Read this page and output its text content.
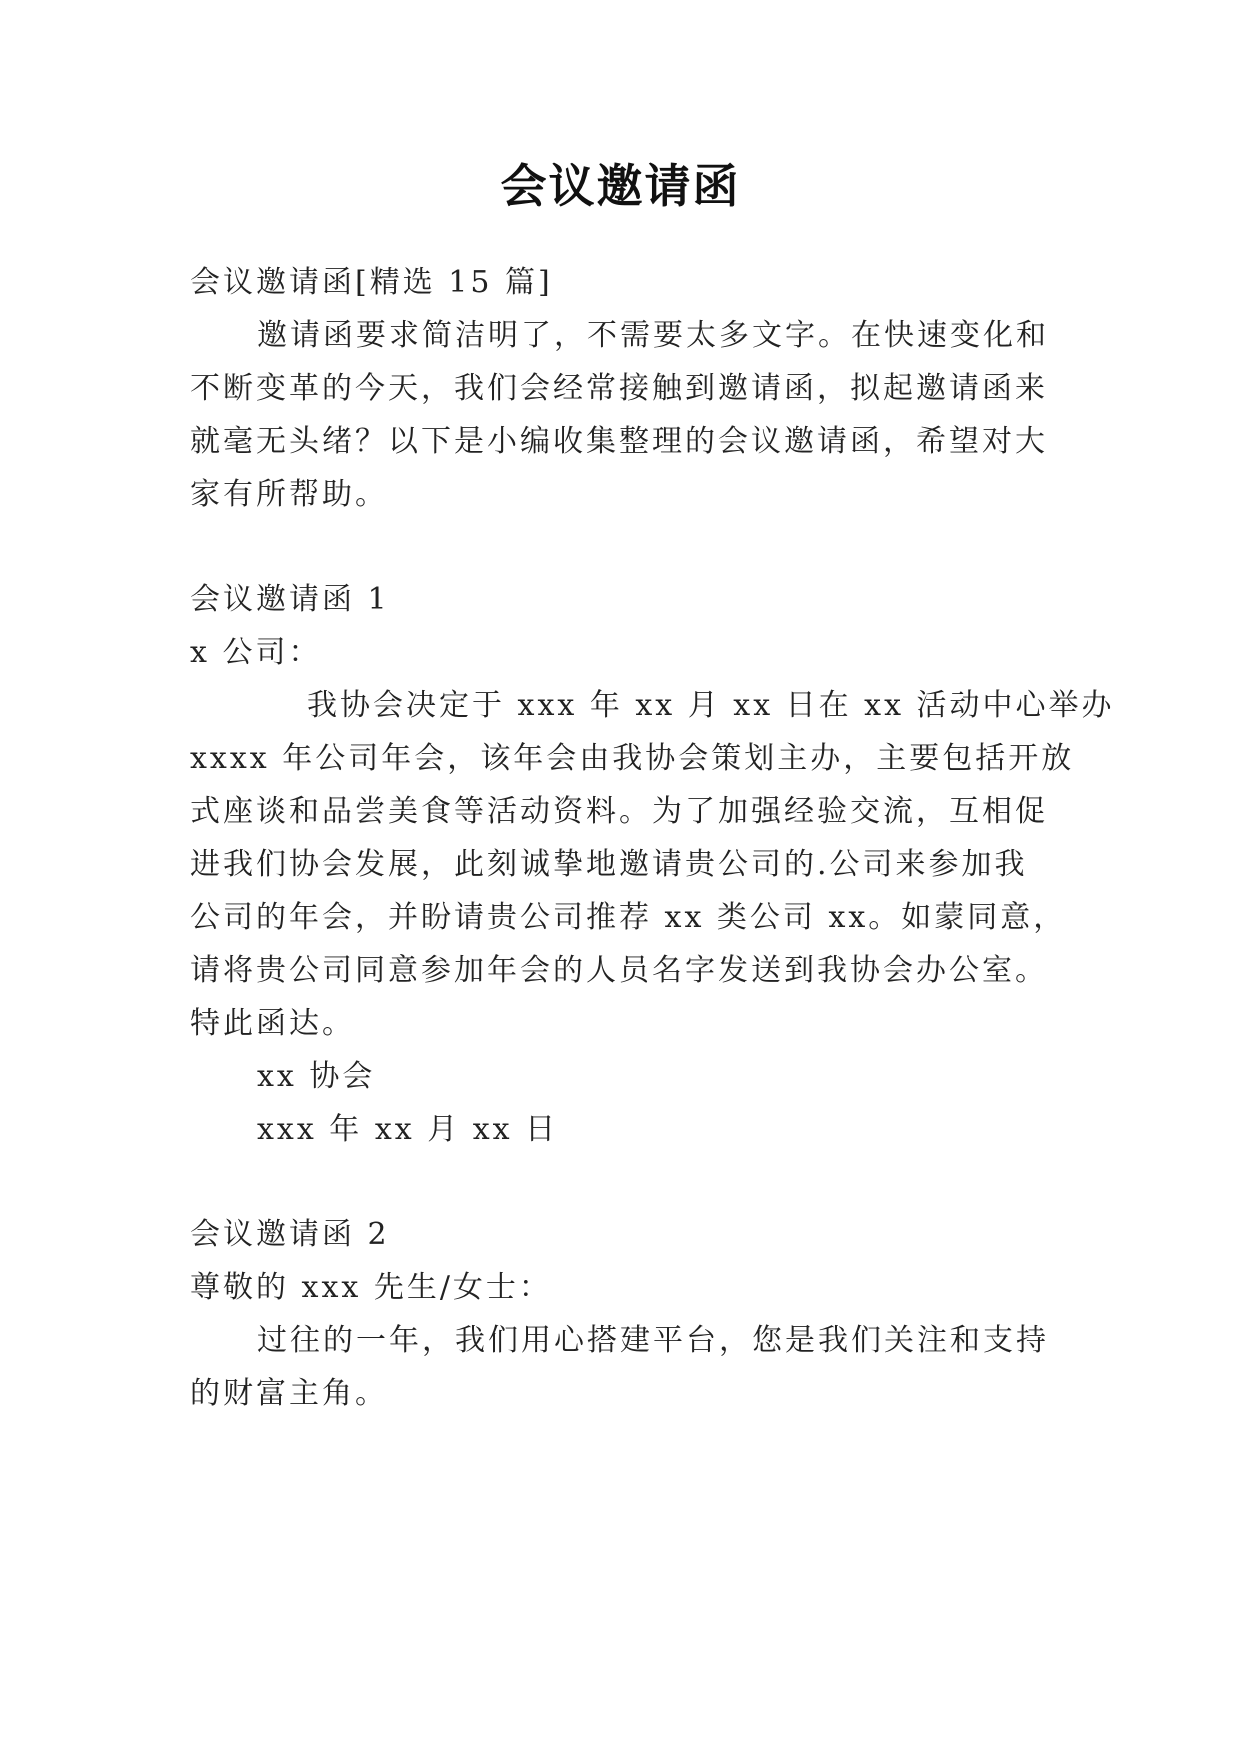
会议邀请函
会议邀请函[精选 15 篇]
邀请函要求简洁明了，不需要太多文字。在快速变化和
不断变革的今天，我们会经常接触到邀请函，拟起邀请函来
就毫无头绪？以下是小编收集整理的会议邀请函，希望对大
家有所帮助。
会议邀请函 1
x 公司：
我协会决定于 xxx 年 xx 月 xx 日在 xx 活动中心举办
xxxx 年公司年会，该年会由我协会策划主办，主要包括开放
式座谈和品尝美食等活动资料。为了加强经验交流，互相促
进我们协会发展，此刻诚挚地邀请贵公司的.公司来参加我
公司的年会，并盼请贵公司推荐 xx 类公司 xx。如蒙同意，
请将贵公司同意参加年会的人员名字发送到我协会办公室。
特此函达。
xx 协会
xxx 年 xx 月 xx 日
会议邀请函 2
尊敬的 xxx 先生/女士：
过往的一年，我们用心搭建平台，您是我们关注和支持
的财富主角。
